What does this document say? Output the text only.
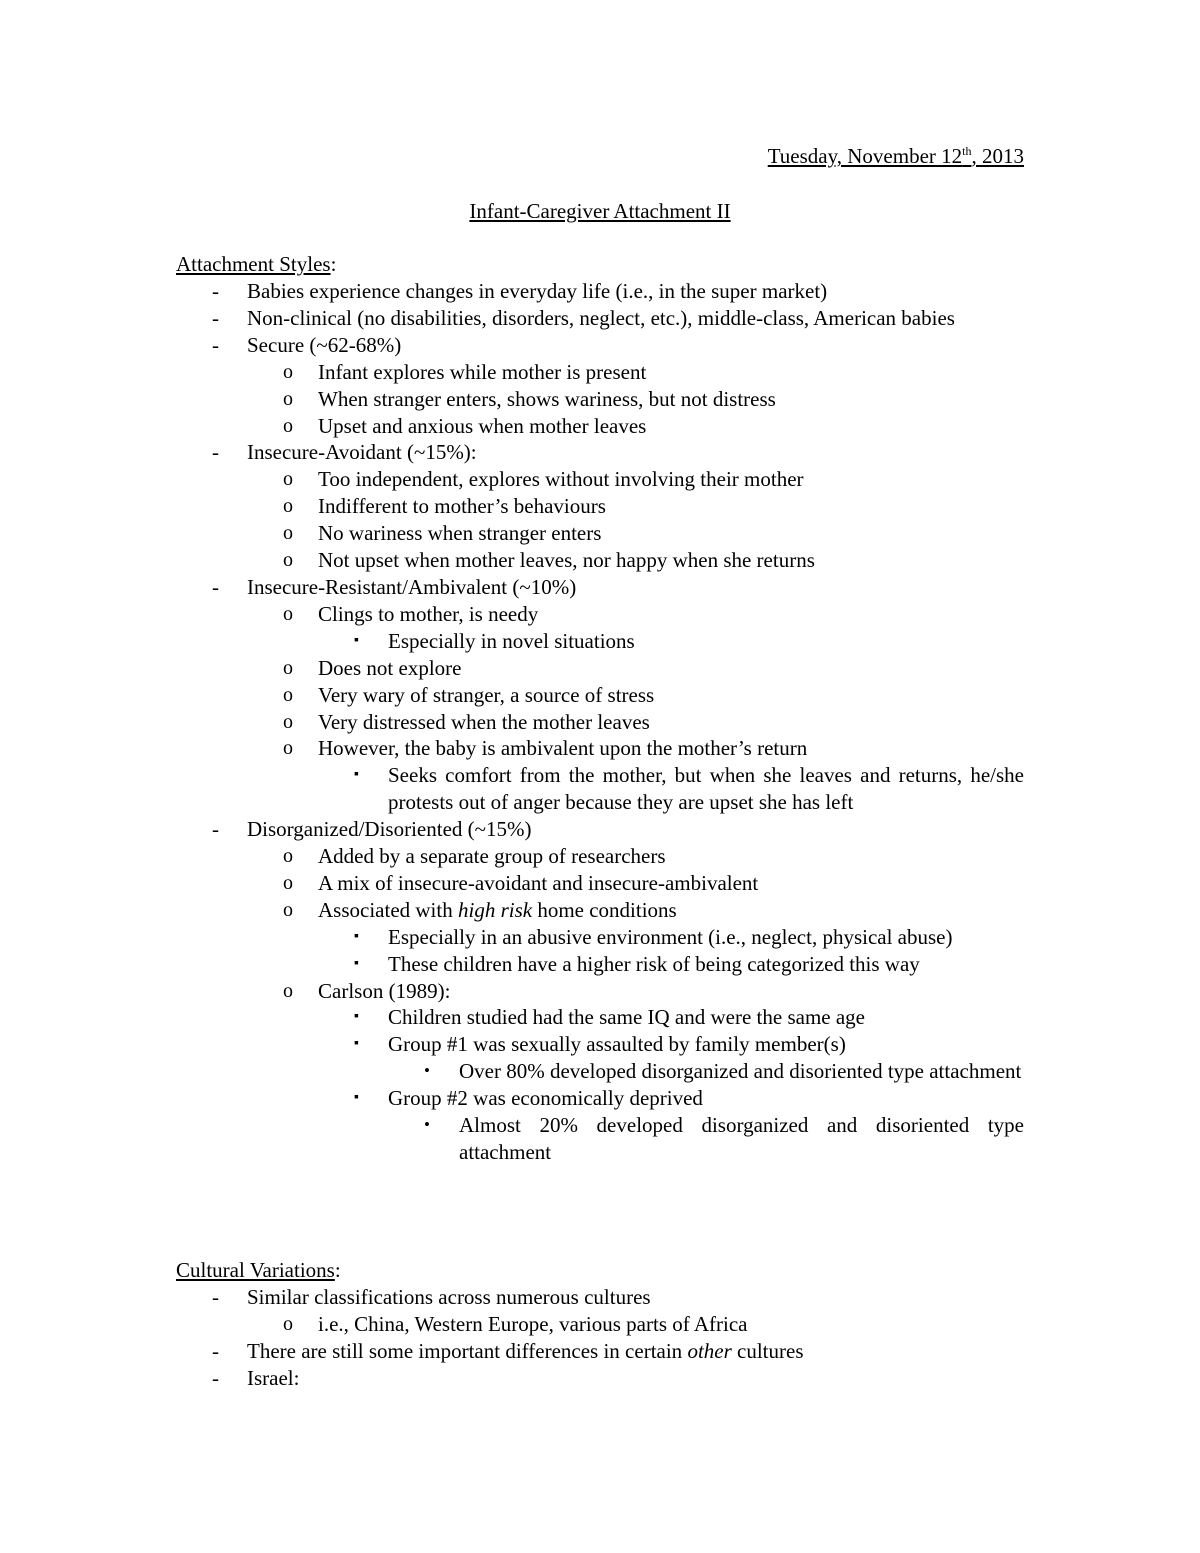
Tuesday, November 12th, 2013
Infant-Caregiver Attachment II
Attachment Styles:
- Babies experience changes in everyday life (i.e., in the super market)
- Non-clinical (no disabilities, disorders, neglect, etc.), middle-class, American babies
- Secure (~62-68%)
o Infant explores while mother is present
o When stranger enters, shows wariness, but not distress
o Upset and anxious when mother leaves
- Insecure-Avoidant (~15%):
o Too independent, explores without involving their mother
o Indifferent to mother’s behaviours
o No wariness when stranger enters
o Not upset when mother leaves, nor happy when she returns
- Insecure-Resistant/Ambivalent (~10%)
o Clings to mother, is needy
▪ Especially in novel situations
o Does not explore
o Very wary of stranger, a source of stress
o Very distressed when the mother leaves
o However, the baby is ambivalent upon the mother’s return
▪ Seeks comfort from the mother, but when she leaves and returns, he/she protests out of anger because they are upset she has left
- Disorganized/Disoriented (~15%)
o Added by a separate group of researchers
o A mix of insecure-avoidant and insecure-ambivalent
o Associated with high risk home conditions
▪ Especially in an abusive environment (i.e., neglect, physical abuse)
▪ These children have a higher risk of being categorized this way
o Carlson (1989):
▪ Children studied had the same IQ and were the same age
▪ Group #1 was sexually assaulted by family member(s)
• Over 80% developed disorganized and disoriented type attachment
▪ Group #2 was economically deprived
• Almost 20% developed disorganized and disoriented type attachment
Cultural Variations:
- Similar classifications across numerous cultures
o i.e., China, Western Europe, various parts of Africa
- There are still some important differences in certain other cultures
- Israel:
